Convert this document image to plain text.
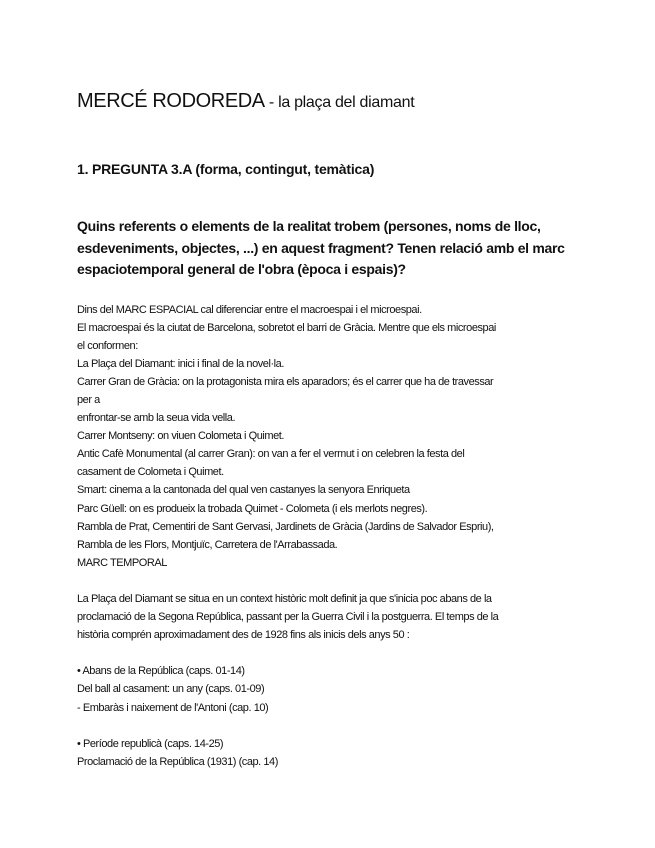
MERCÉ RODOREDA - la plaça del diamant
1. PREGUNTA 3.A (forma, contingut, temàtica)

Quins referents o elements de la realitat trobem (persones, noms de lloc, esdeveniments, objectes, ...) en aquest fragment? Tenen relació amb el marc espaciotemporal general de l'obra (època i espais)?

Dins del MARC ESPACIAL cal diferenciar entre el macroespai i el microespai.
El macroespai és la ciutat de Barcelona, sobretot el barri de Gràcia. Mentre que els microespai
el conformen:
La Plaça del Diamant: inici i final de la novel·la.
Carrer Gran de Gràcia: on la protagonista mira els aparadors; és el carrer que ha de travessar
per a
enfrontar-se amb la seua vida vella.
Carrer Montseny: on viuen Colometa i Quimet.
Antic Cafè Monumental (al carrer Gran): on van a fer el vermut i on celebren la festa del
casament de Colometa i Quimet.
Smart: cinema a la cantonada del qual ven castanyes la senyora Enriqueta
Parc Güell: on es produeix la trobada Quimet - Colometa (i els merlots negres).
Rambla de Prat, Cementiri de Sant Gervasi, Jardinets de Gràcia (Jardins de Salvador Espriu),
Rambla de les Flors, Montjuïc, Carretera de l'Arrabassada.
MARC TEMPORAL
La Plaça del Diamant se situa en un context històric molt definit ja que s'inicia poc abans de la
proclamació de la Segona República, passant per la Guerra Civil i la postguerra. El temps de la
història comprén aproximadament des de 1928 fins als inicis dels anys 50 :
• Abans de la República (caps. 01-14)
Del ball al casament: un any (caps. 01-09)
- Embaràs i naixement de l'Antoni (cap. 10)
• Període republicà (caps. 14-25)
Proclamació de la República (1931) (cap. 14)
